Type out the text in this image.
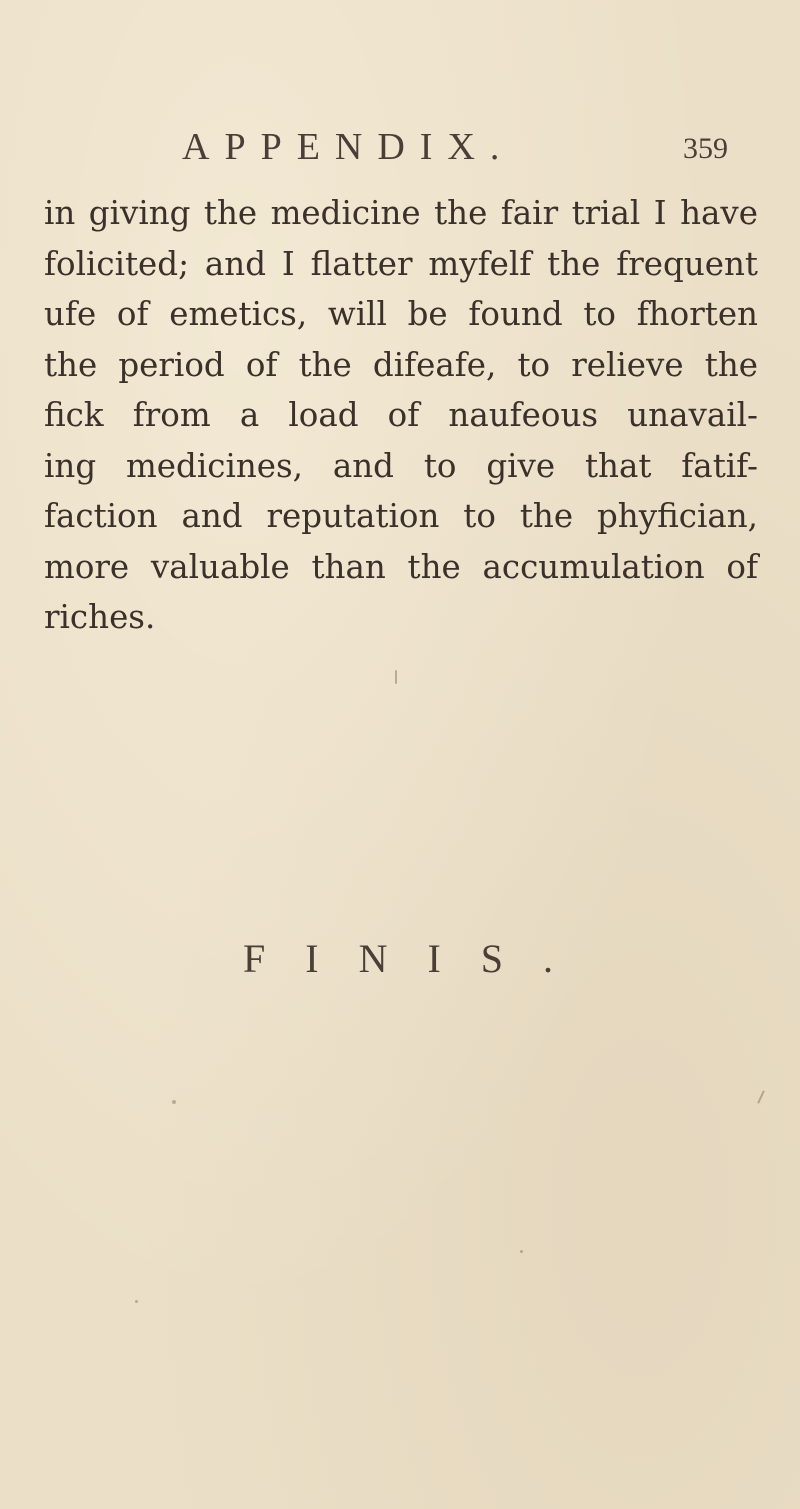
APPENDIX.	359
in giving the medicine the fair trial I have
folicited; and I flatter myfelf the frequent
ufe of emetics, will be found to fhorten
the period of the difeafe, to relieve the
fick from a load of naufeous unavail-
ing medicines, and to give that fatif-
faction and reputation to the phyfician,
more valuable than the accumulation of
riches.
FINIS.
